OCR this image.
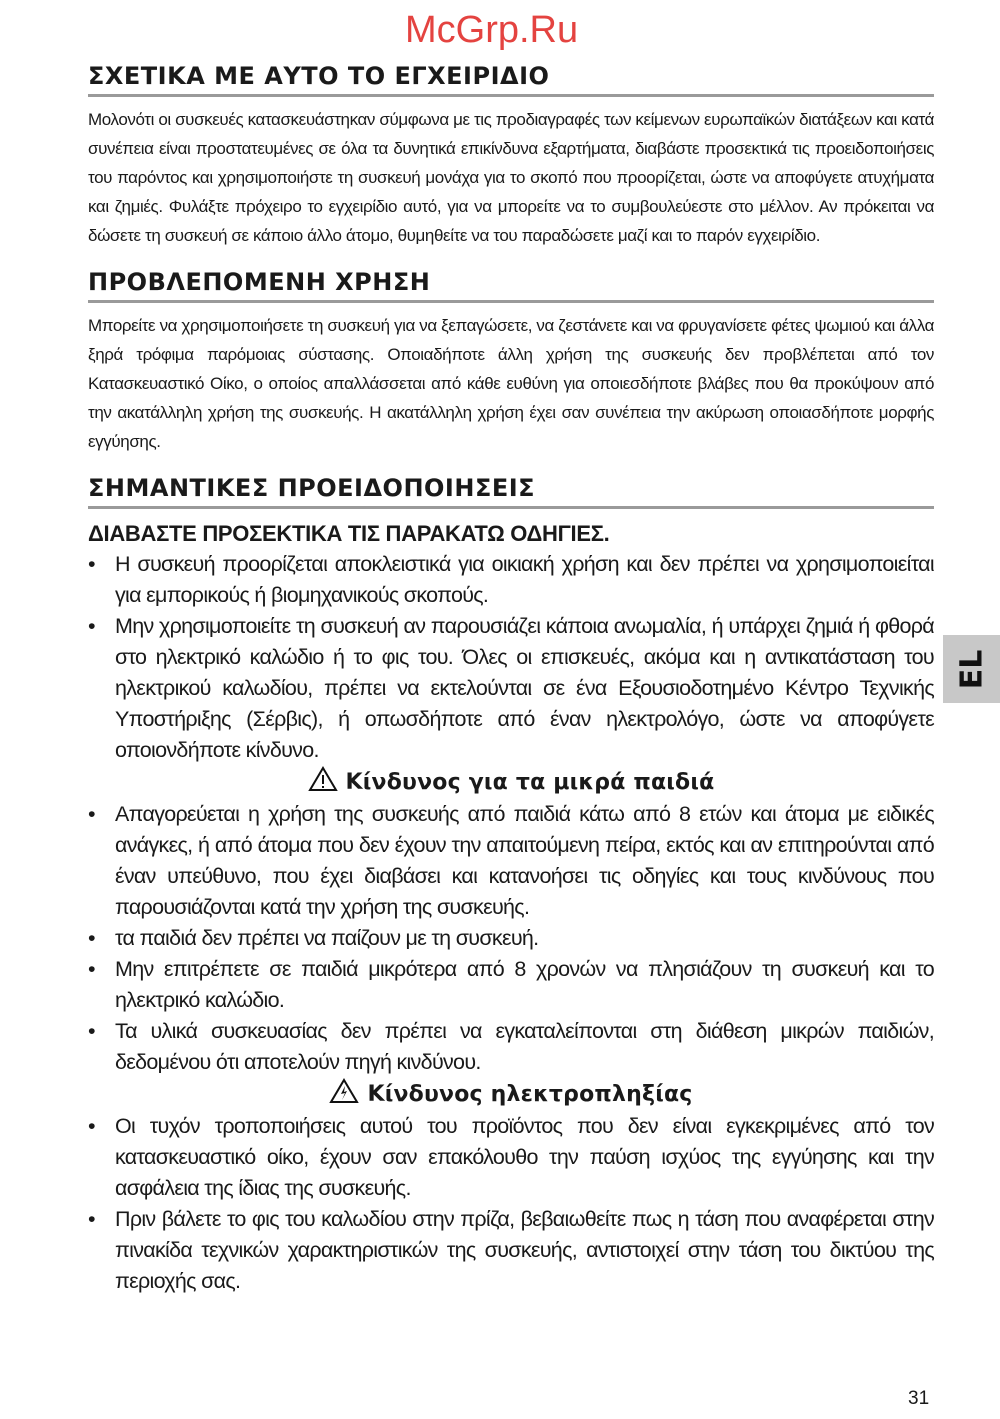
ΣΧΕΤΙΚΑ ΜΕ ΑΥΤΟ ΤΟ ΕΓΧΕΙΡΙΔΙΟ

Μολονότι οι συσκευές κατασκευάστηκαν σύμφωνα με τις προδιαγραφές των κείμενων ευρωπαϊκών διατάξεων και κατά συνέπεια είναι προστατευμένες σε όλα τα δυνητικά επικίνδυνα εξαρτήματα, διαβάστε προσεκτικά τις προειδοποιήσεις του παρόντος και χρησιμοποιήστε τη συσκευή μονάχα για το σκοπό που προορίζεται, ώστε να αποφύγετε ατυχήματα και ζημιές. Φυλάξτε πρόχειρο το εγχειρίδιο αυτό, για να μπορείτε να το συμβουλεύεστε στο μέλλον. Αν πρόκειται να δώσετε τη συσκευή σε κάποιο άλλο άτομο, θυμηθείτε να του παραδώσετε μαζί και το παρόν εγχειρίδιο.

ΠΡΟΒΛΕΠΟΜΕΝΗ ΧΡΗΣΗ

Μπορείτε να χρησιμοποιήσετε τη συσκευή για να ξεπαγώσετε, να ζεστάνετε και να φρυγανίσετε φέτες ψωμιού και άλλα ξηρά τρόφιμα παρόμοιας σύστασης. Οποιαδήποτε άλλη χρήση της συσκευής δεν προβλέπεται από τον Κατασκευαστικό Οίκο, ο οποίος απαλλάσσεται από κάθε ευθύνη για οποιεσδήποτε βλάβες που θα προκύψουν από την ακατάλληλη χρήση της συσκευής. Η ακατάλληλη χρήση έχει σαν συνέπεια την ακύρωση οποιασδήποτε μορφής εγγύησης.

ΣΗΜΑΝΤΙΚΕΣ ΠΡΟΕΙΔΟΠΟΙΗΣΕΙΣ
ΔΙΑΒΑΣΤΕ ΠΡΟΣΕΚΤΙΚΑ ΤΙΣ ΠΑΡΑΚΑΤΩ ΟΔΗΓΙΕΣ.
• Η συσκευή προορίζεται αποκλειστικά για οικιακή χρήση και δεν πρέπει να χρησιμοποιείται για εμπορικούς ή βιομηχανικούς σκοπούς.
• Μην χρησιμοποιείτε τη συσκευή αν παρουσιάζει κάποια ανωμαλία, ή υπάρχει ζημιά ή φθορά στο ηλεκτρικό καλώδιο ή το φις του. Όλες οι επισκευές, ακόμα και η αντικατάσταση του ηλεκτρικού καλωδίου, πρέπει να εκτελούνται σε ένα Εξουσιοδοτημένο Κέντρο Τεχνικής Υποστήριξης (Σέρβις), ή οπωσδήποτε από έναν ηλεκτρολόγο, ώστε να αποφύγετε οποιονδήποτε κίνδυνο.
Κίνδυνος για τα μικρά παιδιά
• Απαγορεύεται η χρήση της συσκευής από παιδιά κάτω από 8 ετών και άτομα με ειδικές ανάγκες, ή από άτομα που δεν έχουν την απαιτούμενη πείρα, εκτός και αν επιτηρούνται από έναν υπεύθυνο, που έχει διαβάσει και κατανοήσει τις οδηγίες και τους κινδύνους που παρουσιάζονται κατά την χρήση της συσκευής.
• τα παιδιά δεν πρέπει να παίζουν με τη συσκευή.
• Μην επιτρέπετε σε παιδιά μικρότερα από 8 χρονών να πλησιάζουν τη συσκευή και το ηλεκτρικό καλώδιο.
• Τα υλικά συσκευασίας δεν πρέπει να εγκαταλείπονται στη διάθεση μικρών παιδιών, δεδομένου ότι αποτελούν πηγή κινδύνου.
Κίνδυνος ηλεκτροπληξίας
• Οι τυχόν τροποποιήσεις αυτού του προϊόντος που δεν είναι εγκεκριμένες από τον κατασκευαστικό οίκο, έχουν σαν επακόλουθο την παύση ισχύος της εγγύησης και την ασφάλεια της ίδιας της συσκευής.
• Πριν βάλετε το φις του καλωδίου στην πρίζα, βεβαιωθείτε πως η τάση που αναφέρεται στην πινακίδα τεχνικών χαρακτηριστικών της συσκευής, αντιστοιχεί στην τάση του δικτύου της περιοχής σας.
EL
McGrp.Ru
31
